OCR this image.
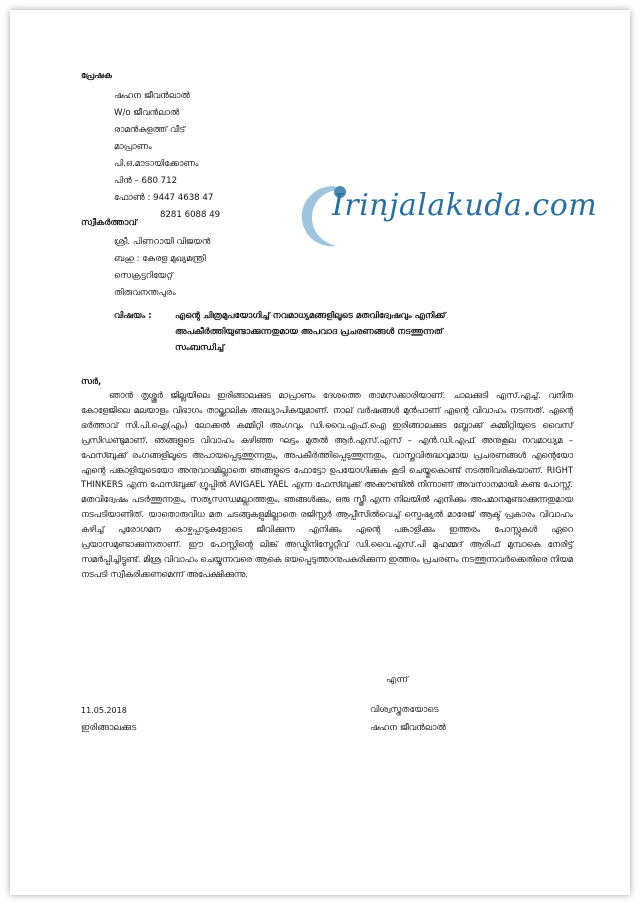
പ്രേഷക
ഷഹന ജീവൻലാൽ
W/o ജീവൻലാൽ
രാമൻകുളത്ത് വീട്
മാപ്രാണം
പി.ഒ.മാടായിക്കോണം
പിൻ – 680 712
ഫോൺ : 9447 4638 47
8281 6088 49	Irinjalakuda.com
സ്വീകർത്താവ്
ശ്രീ. പിണറായി വിജയൻ
ബഹു : കേരള മുഖ്യമന്ത്രി
സെക്രട്ടറിയേറ്റ്
തിരുവനന്തപുരം
വിഷയം :	എന്റെ ചിത്രമുപയോഗിച്ച് നവമാധ്യമങ്ങളിലൂടെ മതവിദ്വേഷവും എനിക്ക്
അപകീർത്തിയുണ്ടാക്കുന്നതുമായ അപവാദ പ്രചരണങ്ങൾ നടത്തുന്നത്
സംബന്ധിച്ച്
സർ,
ഞാൻ തൃശ്ശൂർ ജില്ലയിലെ ഇരിങ്ങാലക്കുട മാപ്രാണം ദേശത്തെ താമസക്കാരിയാണ്. ചാലക്കുടി എസ്.എച്ച്. വനിത കോളേജിലെ മലയാളം വിഭാഗം താല്ക്കാലിക അദ്ധ്യാപികയുമാണ്. നാല് വർഷങ്ങൾ മുൻപാണ് എന്റെ വിവാഹം നടന്നത്. എന്റെ ഭർത്താവ് സി.പി.ഐ(എം) ലോക്കൽ കമ്മിറ്റി അംഗവും ഡി.വൈ.എഫ്.ഐ ഇരിങ്ങാലക്കുട ബ്ലോക്ക് കമ്മിറ്റിയുടെ വൈസ് പ്രസിഡണ്ടുമാണ്. ഞങ്ങളുടെ വിവാഹം കഴിഞ്ഞ ഘട്ടം മുതൽ ആർ.എസ്.എസ് – എൻ.ഡി.എഫ് അനുകൂല നവമാധ്യമ – ഫേസ്ബുക്ക് രംഗങ്ങളിലൂടെ അപായപ്പെടുത്തുന്നതും, അപകീർത്തിപ്പെടുത്തുന്നതും, വാസ്തവിരുദ്ധവുമായ പ്രചരണങ്ങൾ എന്റെയോ എന്റെ പങ്കാളിയുടെയോ അനുവാദമില്ലാതെ ഞങ്ങളുടെ ഫോട്ടോ ഉപയോഗിക്കുക കൂടി ചെയ്തുകൊണ്ട് നടത്തിവരികയാണ്. RIGHT THINKERS എന്ന ഫേസ്ബുക്ക് ഗ്രൂപ്പിൽ AVIGAEL YAEL എന്ന ഫേസ്ബുക്ക് അക്കൗണ്ടിൽ നിന്നാണ് അവസാനമായി കണ്ട പോസ്റ്റ്. മതവിദ്വേഷം പടർത്തുന്നതും, സത്യസന്ധമല്ലാത്തതും, ഞങ്ങൾക്കും, ഒരു സ്ത്രീ എന്ന നിലയിൽ എനിക്കും അപമാനമുണ്ടാക്കുന്നതുമായ നടപടിയാണിത്. യാതൊരുവിധ മത ചടങ്ങുകളുമില്ലാതെ രജിസ്റ്റർ ആപ്പീസിൽവെച്ച് സ്പെഷ്യൽ മാരേജ് ആക്ട് പ്രകാരം വിവാഹം കഴിച്ച് പുരോഗമന കാഴ്ചപ്പാടുകളോടെ ജീവിക്കുന്ന എനിക്കും എന്റെ പങ്കാളിക്കും ഇത്തരം പോസ്റ്റുകൾ ഏറെ പ്രയാസമുണ്ടാക്കുന്നതാണ്. ഈ പോസ്റ്റിന്റെ ലിങ്ക് അഡ്മിനിസ്ട്രേറ്റീവ് ഡി.വൈ.എസ്.പി മുഹമ്മദ് ആരിഫ് മുമ്പാകെ നേരിട്ട് സമർപ്പിച്ചിട്ടുണ്ട്. മിശ്ര വിവാഹം ചെയ്യുന്നവരെ ആകെ ഭയപ്പെടുത്താനുപകരിക്കുന്ന ഇത്തരം പ്രചരണം നടത്തുന്നവർക്കെതിരെ നിയമ നടപടി സ്വീകരിക്കണമെന്ന് അപേക്ഷിക്കുന്നു.
എന്ന്
11.05.2018	വിശ്വസ്തതയോടെ
ഇരിങ്ങാലക്കുട	ഷഹന ജീവൻലാൽ
